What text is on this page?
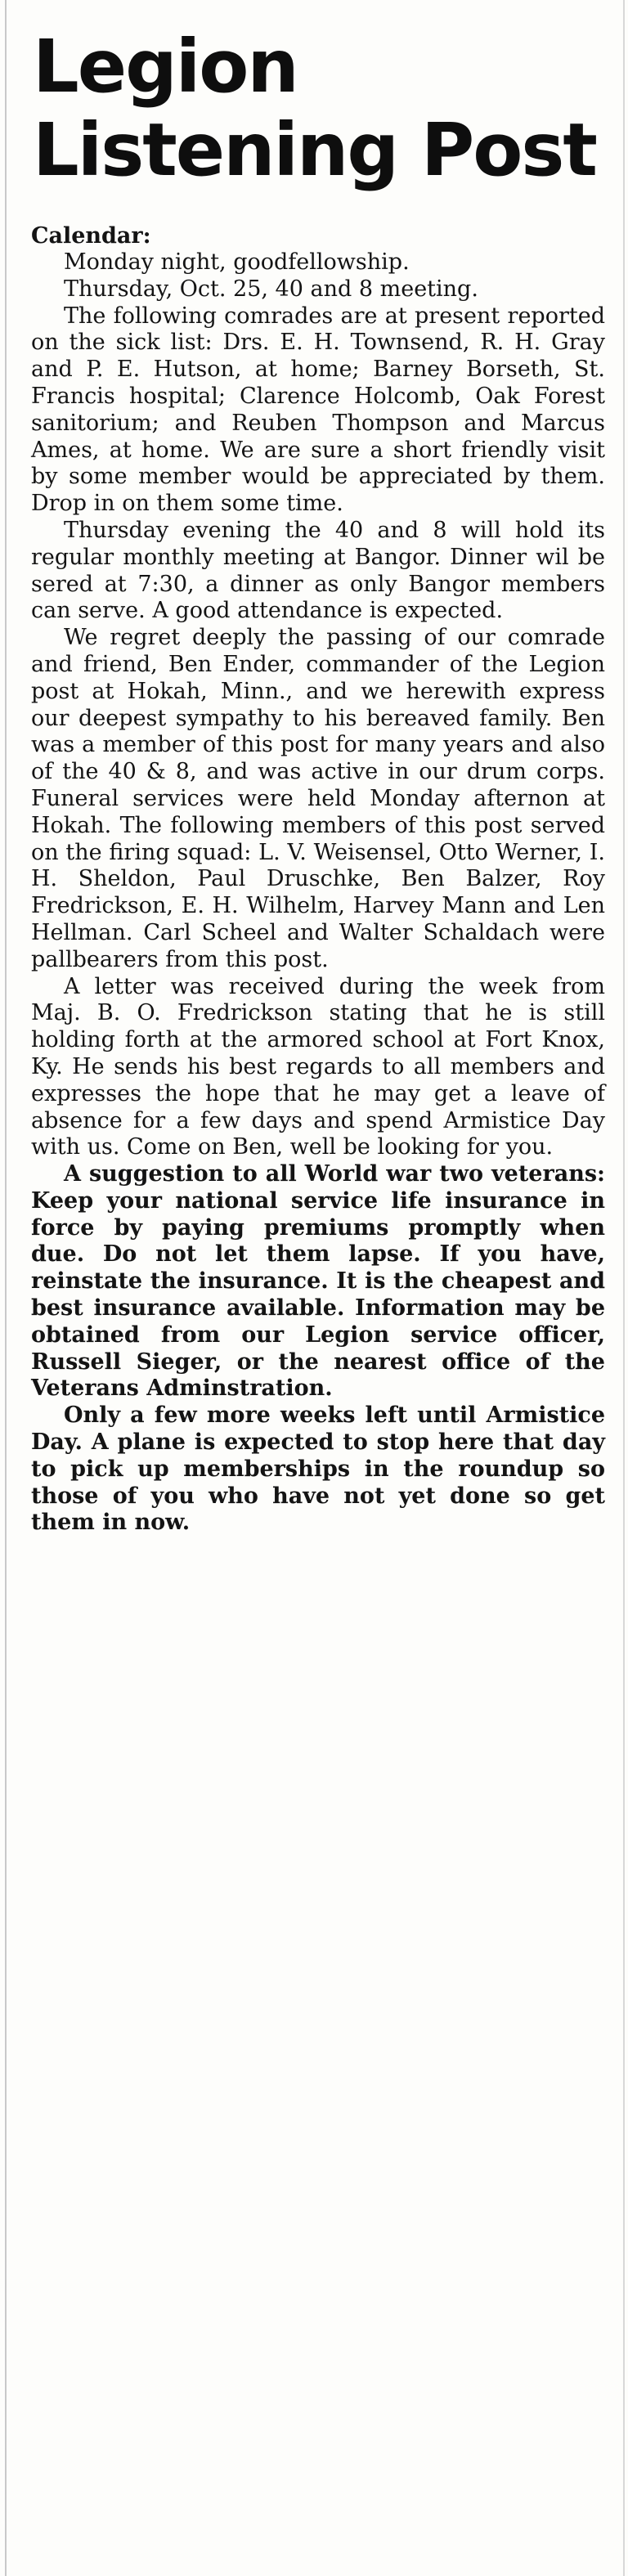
Legion
Listening Post

Calendar:

Monday night, goodfellowship.

Thursday, Oct. 25, 40 and 8 meeting.

The following comrades are at present reported on the sick list: Drs. E. H. Townsend, R. H. Gray and P. E. Hutson, at home; Barney Borseth, St. Francis hospital; Clarence Holcomb, Oak Forest sanitorium; and Reuben Thompson and Marcus Ames, at home. We are sure a short friendly visit by some member would be appreciated by them. Drop in on them some time.

Thursday evening the 40 and 8 will hold its regular monthly meeting at Bangor. Dinner wil be sered at 7:30, a dinner as only Bangor members can serve. A good attendance is expected.

We regret deeply the passing of our comrade and friend, Ben Ender, commander of the Legion post at Hokah, Minn., and we herewith express our deepest sympathy to his bereaved family. Ben was a member of this post for many years and also of the 40 & 8, and was active in our drum corps. Funeral services were held Monday afternon at Hokah. The following members of this post served on the firing squad: L. V. Weisensel, Otto Werner, I. H. Sheldon, Paul Druschke, Ben Balzer, Roy Fredrickson, E. H. Wilhelm, Harvey Mann and Len Hellman. Carl Scheel and Walter Schaldach were pallbearers from this post.

A letter was received during the week from Maj. B. O. Fredrickson stating that he is still holding forth at the armored school at Fort Knox, Ky. He sends his best regards to all members and expresses the hope that he may get a leave of absence for a few days and spend Armistice Day with us. Come on Ben, well be looking for you.

A suggestion to all World war two veterans: Keep your national service life insurance in force by paying premiums promptly when due. Do not let them lapse. If you have, reinstate the insurance. It is the cheapest and best insurance available. Information may be obtained from our Legion service officer, Russell Sieger, or the nearest office of the Veterans Adminstration.

Only a few more weeks left until Armistice Day. A plane is expected to stop here that day to pick up memberships in the roundup so those of you who have not yet done so get them in now.
